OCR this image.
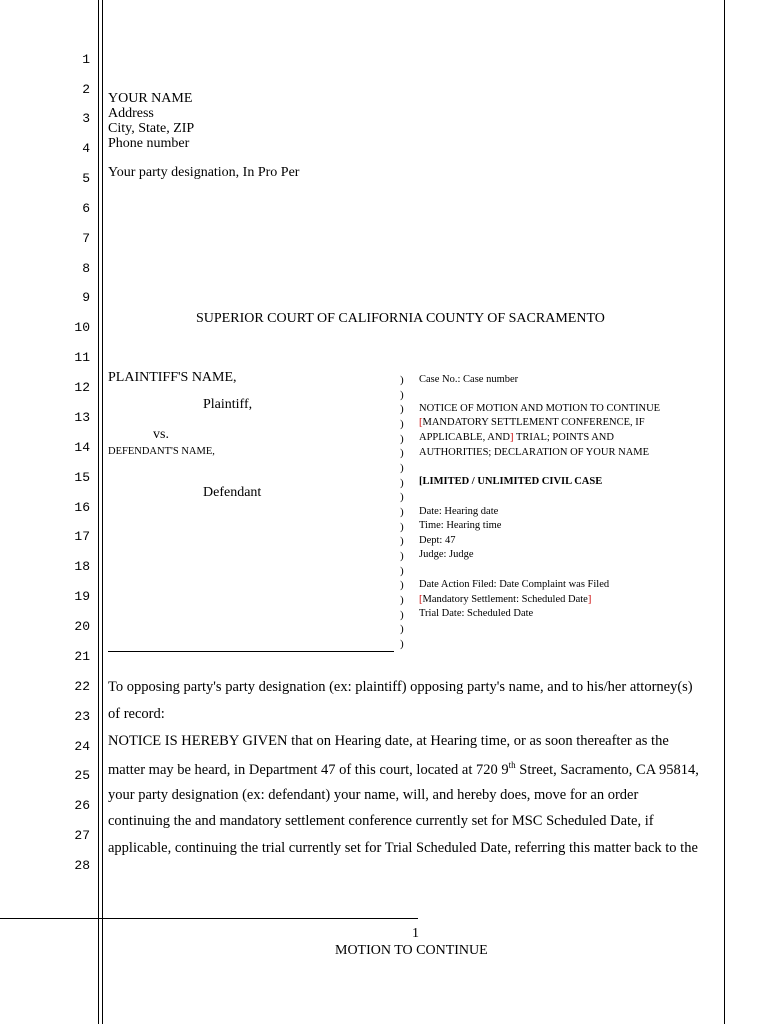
1
2
3
4
5
6
7
8
9
10
11
12
13
14
15
16
17
18
19
20
21
22
23
24
25
26
27
28
YOUR NAME
Address
City, State, ZIP
Phone number
Your party designation, In Pro Per
SUPERIOR COURT OF CALIFORNIA COUNTY OF SACRAMENTO
PLAINTIFF'S NAME,
Plaintiff,
vs.
DEFENDANT'S NAME,
Defendant
)
)
)
)
)
)
)
)
)
)
)
)
)
)
)
)
)
)
)
Case No.: Case number
NOTICE OF MOTION AND MOTION TO CONTINUE
[MANDATORY SETTLEMENT CONFERENCE, IF
APPLICABLE, AND] TRIAL; POINTS AND
AUTHORITIES; DECLARATION OF YOUR NAME
[LIMITED / UNLIMITED CIVIL CASE
Date: Hearing date
Time: Hearing time
Dept: 47
Judge: Judge
Date Action Filed: Date Complaint was Filed
[Mandatory Settlement: Scheduled Date]
Trial Date: Scheduled Date
To opposing party's party designation (ex: plaintiff) opposing party's name, and to his/her attorney(s)
of record:
NOTICE IS HEREBY GIVEN that on Hearing date, at Hearing time, or as soon thereafter as the
matter may be heard, in Department 47 of this court, located at 720 9th Street, Sacramento, CA 95814,
your party designation (ex: defendant) your name, will, and hereby does, move for an order
continuing the and mandatory settlement conference currently set for MSC Scheduled Date, if
applicable, continuing the trial currently set for Trial Scheduled Date, referring this matter back to the
1
MOTION TO CONTINUE
